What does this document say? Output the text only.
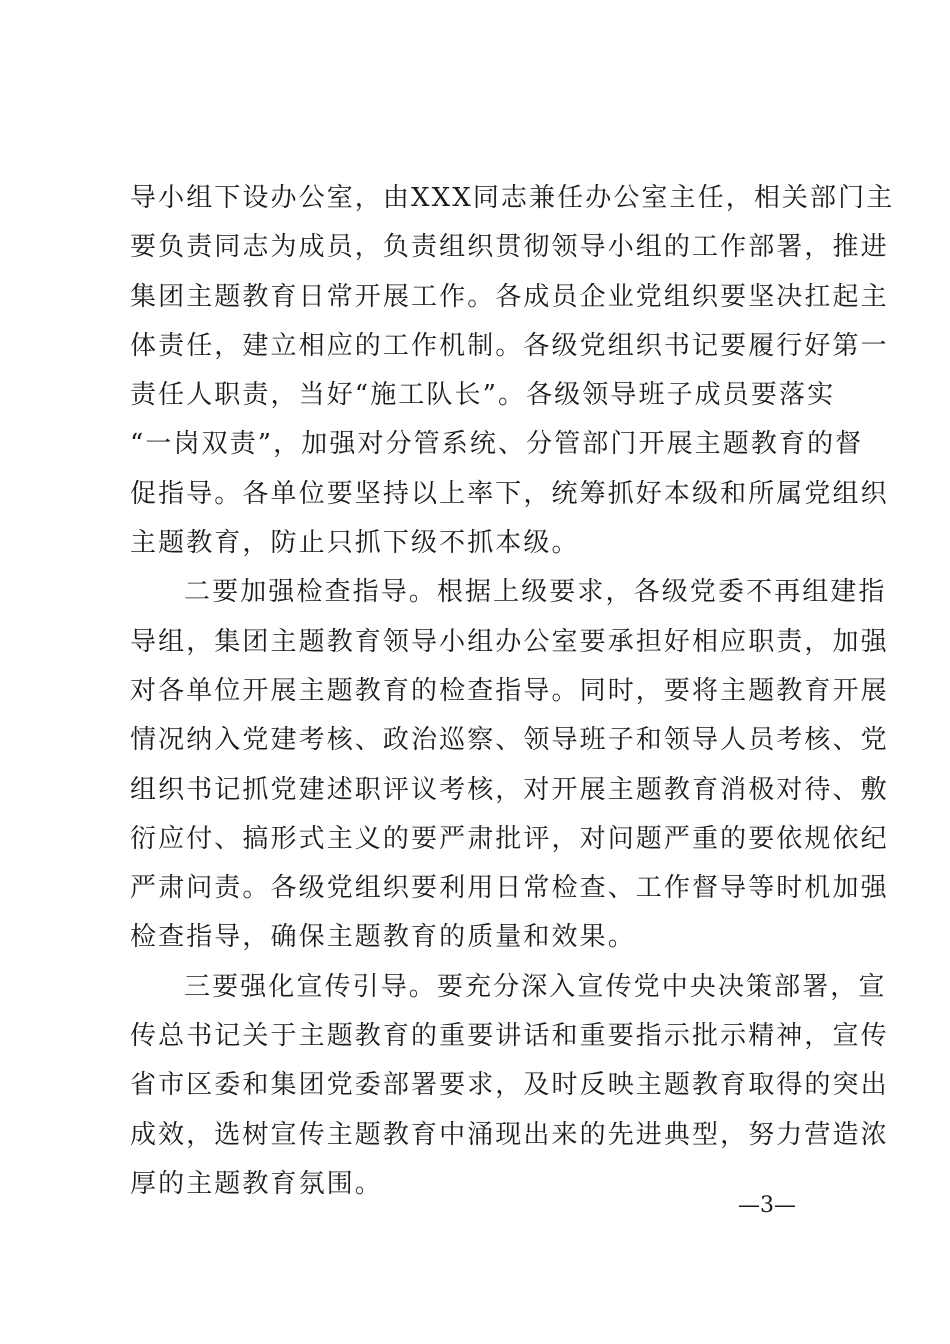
导小组下设办公室，由XXX同志兼任办公室主任，相关部门主
要负责同志为成员，负责组织贯彻领导小组的工作部署，推进
集团主题教育日常开展工作。各成员企业党组织要坚决扛起主
体责任，建立相应的工作机制。各级党组织书记要履行好第一
责任人职责，当好“施工队长”。各级领导班子成员要落实
“一岗双责”，加强对分管系统、分管部门开展主题教育的督
促指导。各单位要坚持以上率下，统筹抓好本级和所属党组织
主题教育，防止只抓下级不抓本级。
二要加强检查指导。根据上级要求，各级党委不再组建指
导组，集团主题教育领导小组办公室要承担好相应职责，加强
对各单位开展主题教育的检查指导。同时，要将主题教育开展
情况纳入党建考核、政治巡察、领导班子和领导人员考核、党
组织书记抓党建述职评议考核，对开展主题教育消极对待、敷
衍应付、搞形式主义的要严肃批评，对问题严重的要依规依纪
严肃问责。各级党组织要利用日常检查、工作督导等时机加强
检查指导，确保主题教育的质量和效果。
三要强化宣传引导。要充分深入宣传党中央决策部署，宣
传总书记关于主题教育的重要讲话和重要指示批示精神，宣传
省市区委和集团党委部署要求，及时反映主题教育取得的突出
成效，选树宣传主题教育中涌现出来的先进典型，努力营造浓
厚的主题教育氛围。
—3—
